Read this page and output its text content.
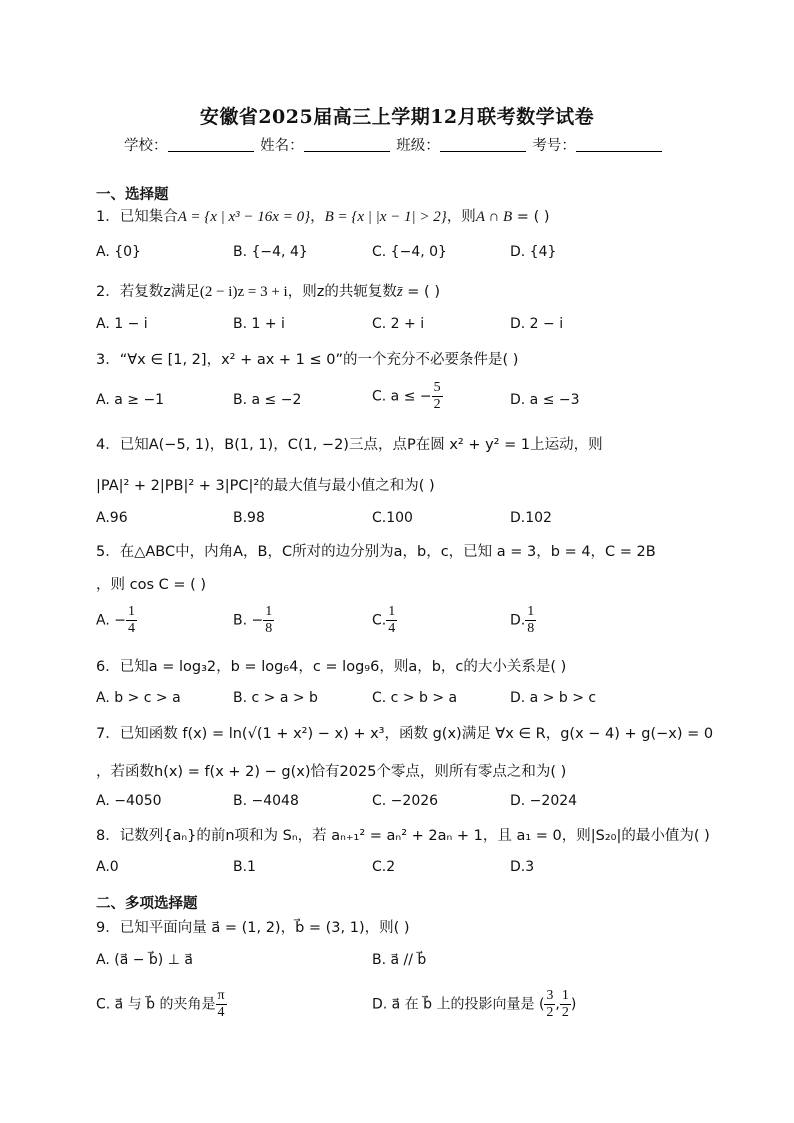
安徽省2025届高三上学期12月联考数学试卷
学校：	姓名：	班级：	考号：
一、选择题
1．已知集合A = {x | x³ − 16x = 0}，B = {x | |x − 1| > 2}，则A ∩ B = ( )
A. {0}	B. {−4, 4}	C. {−4, 0}	D. {4}
2．若复数z满足(2 − i)z = 3 + i，则z的共轭复数z̄ = ( )
A. 1 − i	B. 1 + i	C. 2 + i	D. 2 − i
3．“∀x ∈ [1, 2]，x² + ax + 1 ≤ 0”的一个充分不必要条件是( )
A. a ≥ −1	B. a ≤ −2	C. a ≤ − $\frac{5}{2}$	D. a ≤ −3
4．已知A(−5, 1)，B(1, 1)，C(1, −2)三点，点P在圆 x² + y² = 1上运动，则
|PA|² + 2|PB|² + 3|PC|²的最大值与最小值之和为( )
A.96	B.98	C.100	D.102
5．在△ABC中，内角A，B，C所对的边分别为a，b，c，已知 a = 3，b = 4，C = 2B
，则 cos C = ( )
A. − $\frac{1}{4}$	B. − $\frac{1}{8}$	C. $\frac{1}{4}$	D. $\frac{1}{8}$
6．已知a = log₃2，b = log₆4，c = log₉6，则a，b，c的大小关系是( )
A. b > c > a	B. c > a > b	C. c > b > a	D. a > b > c
7．已知函数 f(x) = ln(√(1 + x²) − x) + x³，函数 g(x)满足 ∀x ∈ R，g(x − 4) + g(−x) = 0
，若函数h(x) = f(x + 2) − g(x)恰有2025个零点，则所有零点之和为( )
A. −4050	B. −4048	C. −2026	D. −2024
8．记数列{aₙ}的前n项和为 Sₙ，若 aₙ₊₁² = aₙ² + 2aₙ + 1，且 a₁ = 0，则|S₂₀|的最小值为( )
A.0	B.1	C.2	D.3
二、多项选择题
9．已知平面向量 a⃗ = (1, 2)，b⃗ = (3, 1)，则( )
A. (a⃗ − b⃗) ⊥ a⃗	B. a⃗ // b⃗
C. a⃗ 与 b⃗ 的夹角是 $\frac{\pi}{4}$	D. a⃗ 在 b⃗ 上的投影向量是 ( $\frac{3}{2}$ , $\frac{1}{2}$ )
